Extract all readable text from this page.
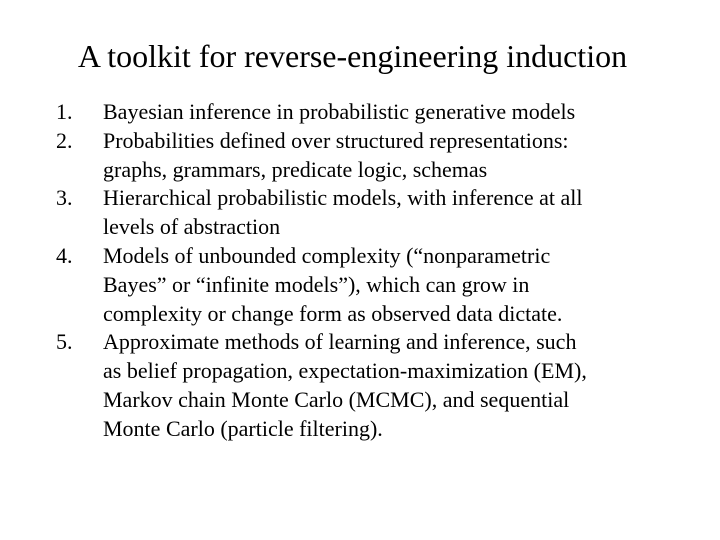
A toolkit for reverse-engineering induction
1. Bayesian inference in probabilistic generative models
2. Probabilities defined over structured representations:
graphs, grammars, predicate logic, schemas
3. Hierarchical probabilistic models, with inference at all
levels of abstraction
4. Models of unbounded complexity (“nonparametric
Bayes” or “infinite models”), which can grow in
complexity or change form as observed data dictate.
5. Approximate methods of learning and inference, such
as belief propagation, expectation-maximization (EM),
Markov chain Monte Carlo (MCMC), and sequential
Monte Carlo (particle filtering).
